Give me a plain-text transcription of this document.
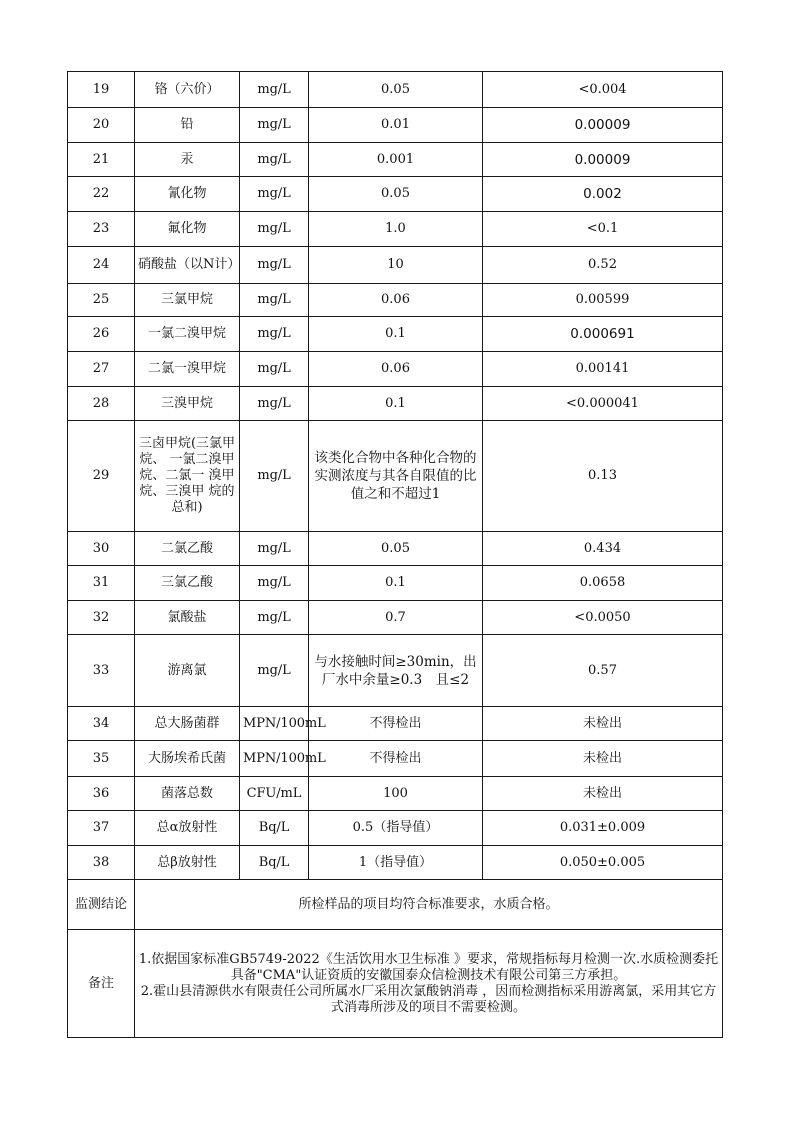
19	铬（六价）	mg/L	0.05	<0.004
20	铅	mg/L	0.01	0.00009
21	汞	mg/L	0.001	0.00009
22	氰化物	mg/L	0.05	0.002
23	氟化物	mg/L	1.0	<0.1
24	硝酸盐（以N计）	mg/L	10	0.52
25	三氯甲烷	mg/L	0.06	0.00599
26	一氯二溴甲烷	mg/L	0.1	0.000691
27	二氯一溴甲烷	mg/L	0.06	0.00141
28	三溴甲烷	mg/L	0.1	<0.000041
29	三卤甲烷(三氯甲烷、 一氯二溴甲烷、二氯一 溴甲烷、三溴甲 烷的总和)	mg/L	该类化合物中各种化合物的实测浓度与其各自限值的比值之和不超过1	0.13
30	二氯乙酸	mg/L	0.05	0.434
31	三氯乙酸	mg/L	0.1	0.0658
32	氯酸盐	mg/L	0.7	<0.0050
33	游离氯	mg/L	与水接触时间≥30min，出厂水中余量≥0.3　且≤2	0.57
34	总大肠菌群	MPN/100mL	不得检出	未检出
35	大肠埃希氏菌	MPN/100mL	不得检出	未检出
36	菌落总数	CFU/mL	100	未检出
37	总α放射性	Bq/L	0.5（指导值）	0.031±0.009
38	总β放射性	Bq/L	1（指导值）	0.050±0.005
监测结论	所检样品的项目均符合标准要求，水质合格。			
备注	1.依据国家标准GB5749-2022《生活饮用水卫生标准 》要求，常规指标每月检测一次.水质检测委托具备"CMA"认证资质的安徽国泰众信检测技术有限公司第三方承担。
2.霍山县清源供水有限责任公司所属水厂采用次氯酸钠消毒 ，因而检测指标采用游离氯，采用其它方式消毒所涉及的项目不需要检测。			
